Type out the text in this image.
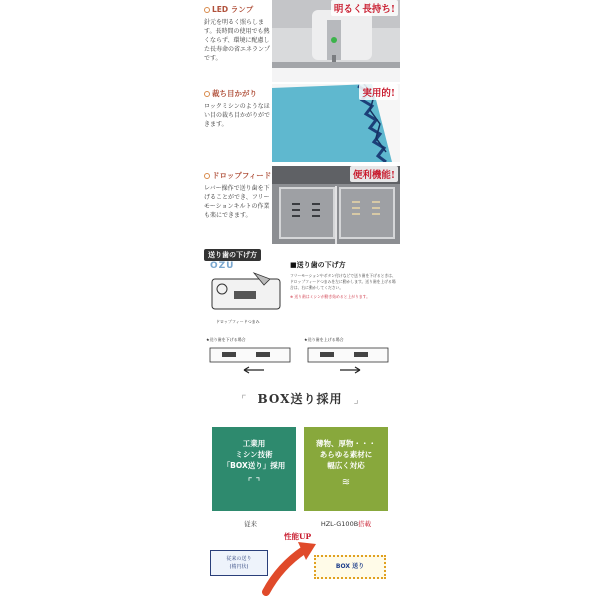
LED ランプ
針元を明るく照らします。長時間の使用でも熱くならず、環境に配慮した長寿命の省エネランプです。
明るく長持ち!
裁ち目かがり
ロックミシンのようなほい目の裁ち目かがりができます。
実用的!
ドロップフィード
レバー操作で送り歯を下げることができ、フリーモーションキルトの作業も楽にできます。
便利機能!
送り歯の下げ方
OZU
ドロップフィードつまみ
■送り歯の下げ方
フリーモーションやボタン付けなどで送り歯を下げるときは、ドロップフィードつまみを左に動かします。送り歯を上げる場合は、右に動かしてください。
※ 送り歯はミシンが動き始めると上がります。
★送り歯を下げる場合	★送り歯を上げる場合
⌜ BOX送り採用 ⌟
工業用
ミシン技術
「BOX送り」採用
⌜ ⌝
薄物、厚物・・・
あらゆる素材に
幅広く対応
≋
従来	HZL-G100B搭載
性能UP
従来の送り
(楕円状)	BOX 送り
